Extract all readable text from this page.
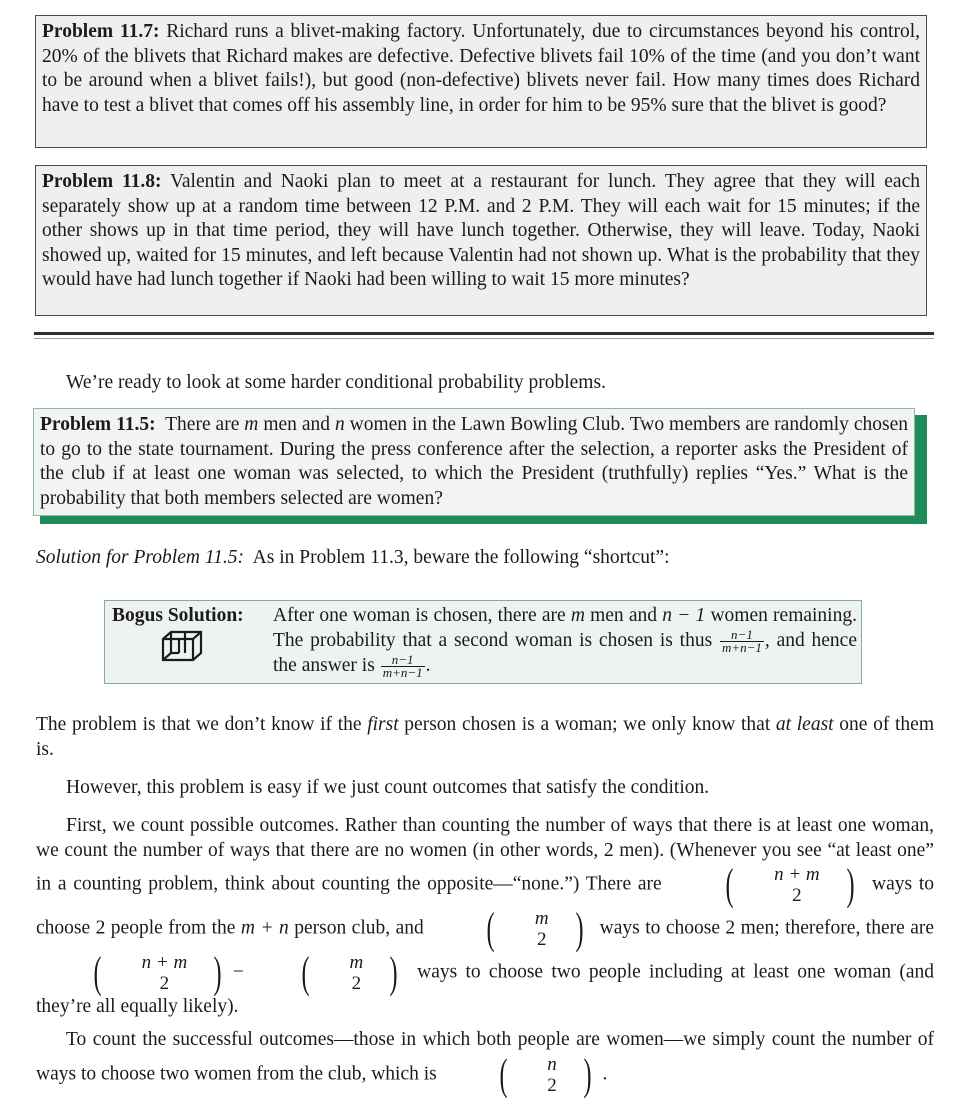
Problem 11.7: Richard runs a blivet-making factory. Unfortunately, due to circumstances beyond his control, 20% of the blivets that Richard makes are defective. Defective blivets fail 10% of the time (and you don’t want to be around when a blivet fails!), but good (non-defective) blivets never fail. How many times does Richard have to test a blivet that comes off his assembly line, in order for him to be 95% sure that the blivet is good?
Problem 11.8: Valentin and Naoki plan to meet at a restaurant for lunch. They agree that they will each separately show up at a random time between 12 P.M. and 2 P.M. They will each wait for 15 minutes; if the other shows up in that time period, they will have lunch together. Otherwise, they will leave. Today, Naoki showed up, waited for 15 minutes, and left because Valentin had not shown up. What is the probability that they would have had lunch together if Naoki had been willing to wait 15 more minutes?
We’re ready to look at some harder conditional probability problems.
Problem 11.5:  There are m men and n women in the Lawn Bowling Club. Two members are randomly chosen to go to the state tournament. During the press conference after the selection, a reporter asks the President of the club if at least one woman was selected, to which the President (truthfully) replies “Yes.” What is the probability that both members selected are women?
Solution for Problem 11.5:  As in Problem 11.3, beware the following “shortcut”:
Bogus Solution: After one woman is chosen, there are m men and n − 1 women remaining. The probability that a second woman is chosen is thus $\frac{n-1}{m+n-1}$ , and hence the answer is $\frac{n-1}{m+n-1}$ .
The problem is that we don’t know if the first person chosen is a woman; we only know that at least one of them is.
However, this problem is easy if we just count outcomes that satisfy the condition.
First, we count possible outcomes. Rather than counting the number of ways that there is at least one woman, we count the number of ways that there are no women (in other words, 2 men). (Whenever you see “at least one” in a counting problem, think about counting the opposite—“none.”) There are (	n + m
2	) ways to choose 2 people from the m + n person club, and (	m
2 ) ways to choose 2 men; therefore, there are (	n + m
2	) − (	m
2 ) ways to choose two people including at least one woman (and they’re all equally likely).
To count the successful outcomes—those in which both people are women—we simply count the number of ways to choose two women from the club, which is (	n
2 ) .
